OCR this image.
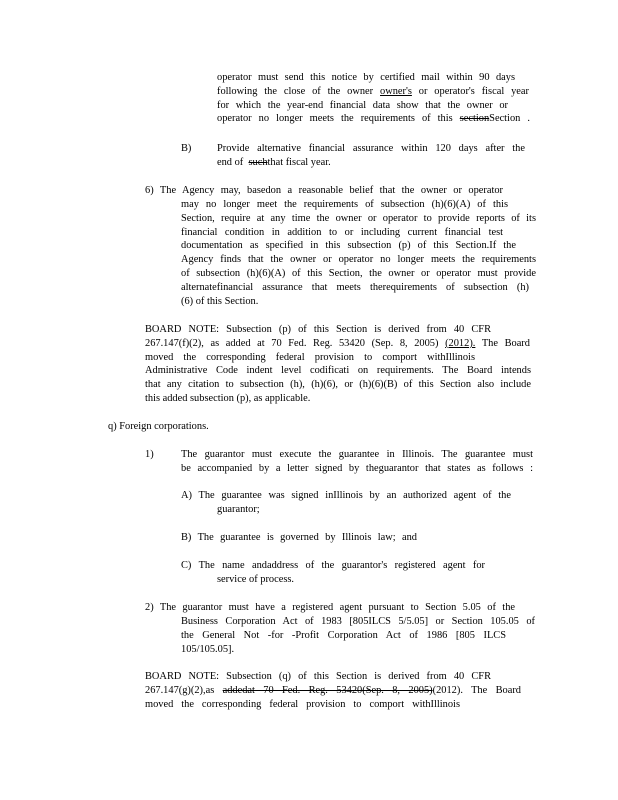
operator must send this notice by certified mail within 90 days
following the close of the owner owner's or operator's fiscal year
for which the year-end financial data show that the owner or
operator no longer meets the requirements of this sectionSection .
B) Provide alternative financial assurance within 120 days after the
end of suchthat fiscal year.
6) The Agency may, basedon a reasonable belief that the owner or operator
may no longer meet the requirements of subsection (h)(6)(A) of this
Section, require at any time the owner or operator to provide reports of its
financial condition in addition to or including current financial test
documentation as specified in this subsection (p) of this Section.If the
Agency finds that the owner or operator no longer meets the requirements
of subsection (h)(6)(A) of this Section, the owner or operator must provide
alternatefinancial assurance that meets therequirements of subsection (h)
(6) of this Section.
BOARD NOTE: Subsection (p) of this Section is derived from 40 CFR
267.147(f)(2), as added at 70 Fed. Reg. 53420 (Sep. 8, 2005) (2012). The Board
moved the corresponding federal provision to comport withIllinois
Administrative Code indent level codificati on requirements. The Board intends
that any citation to subsection (h), (h)(6), or (h)(6)(B) of this Section also include
this added subsection (p), as applicable.
q) Foreign corporations.
1)	The guarantor must execute the guarantee in Illinois. The guarantee must
be accompanied by a letter signed by theguarantor that states as follows :
A) The guarantee was signed inIllinois by an authorized agent of the
guarantor;
B) The guarantee is governed by Illinois law; and
C) The name andaddress of the guarantor's registered agent for
service of process.
2) The guarantor must have a registered agent pursuant to Section 5.05 of the
Business Corporation Act of 1983 [805ILCS 5/5.05] or Section 105.05 of
the General Not -for -Profit Corporation Act of 1986 [805 ILCS
105/105.05].
BOARD NOTE: Subsection (q) of this Section is derived from 40 CFR
267.147(g)(2),as addedat 70 Fed. Reg. 53420(Sep. 8, 2005)(2012). The Board
moved the corresponding federal provision to comport withIllinois
